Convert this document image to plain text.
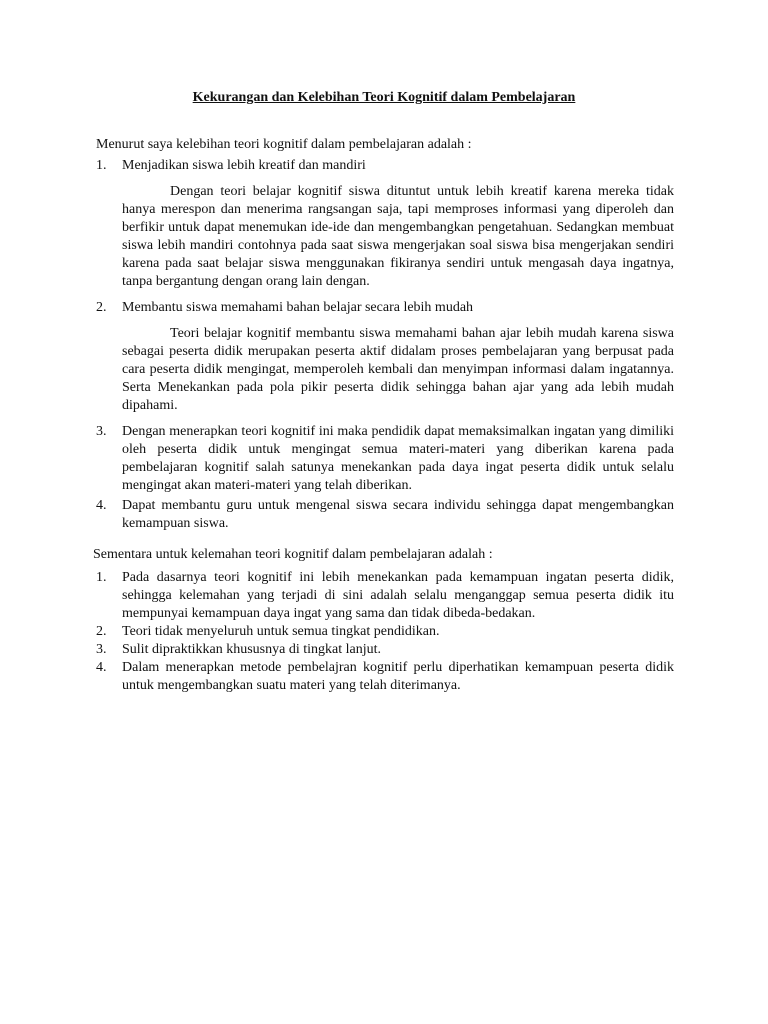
Kekurangan dan Kelebihan Teori Kognitif dalam Pembelajaran
Menurut saya kelebihan teori kognitif dalam pembelajaran adalah :
1. Menjadikan siswa lebih kreatif dan mandiri
Dengan teori belajar kognitif siswa dituntut untuk lebih kreatif karena mereka tidak hanya merespon dan menerima rangsangan saja, tapi memproses informasi yang diperoleh dan berfikir untuk dapat menemukan ide-ide dan mengembangkan pengetahuan. Sedangkan membuat siswa lebih mandiri contohnya pada saat siswa mengerjakan soal siswa bisa mengerjakan sendiri karena pada saat belajar siswa menggunakan fikiranya sendiri untuk mengasah daya ingatnya, tanpa bergantung dengan orang lain dengan.
2. Membantu siswa memahami bahan belajar secara lebih mudah
Teori belajar kognitif membantu siswa memahami bahan ajar lebih mudah karena siswa sebagai peserta didik merupakan peserta aktif didalam proses pembelajaran yang berpusat pada cara peserta didik mengingat, memperoleh kembali dan menyimpan informasi dalam ingatannya. Serta Menekankan pada pola pikir peserta didik sehingga bahan ajar yang ada lebih mudah dipahami.
3. Dengan menerapkan teori kognitif ini maka pendidik dapat memaksimalkan ingatan yang dimiliki oleh peserta didik untuk mengingat semua materi-materi yang diberikan karena pada pembelajaran kognitif salah satunya menekankan pada daya ingat peserta didik untuk selalu mengingat akan materi-materi yang telah diberikan.
4. Dapat membantu guru untuk mengenal siswa secara individu sehingga dapat mengembangkan kemampuan siswa.
Sementara untuk kelemahan teori kognitif dalam pembelajaran adalah :
1. Pada dasarnya teori kognitif ini lebih menekankan pada kemampuan ingatan peserta didik, sehingga kelemahan yang terjadi di sini adalah selalu menganggap semua peserta didik itu mempunyai kemampuan daya ingat yang sama dan tidak dibeda-bedakan.
2. Teori tidak menyeluruh untuk semua tingkat pendidikan.
3. Sulit dipraktikkan khususnya di tingkat lanjut.
4. Dalam menerapkan metode pembelajran kognitif perlu diperhatikan kemampuan peserta didik untuk mengembangkan suatu materi yang telah diterimanya.
